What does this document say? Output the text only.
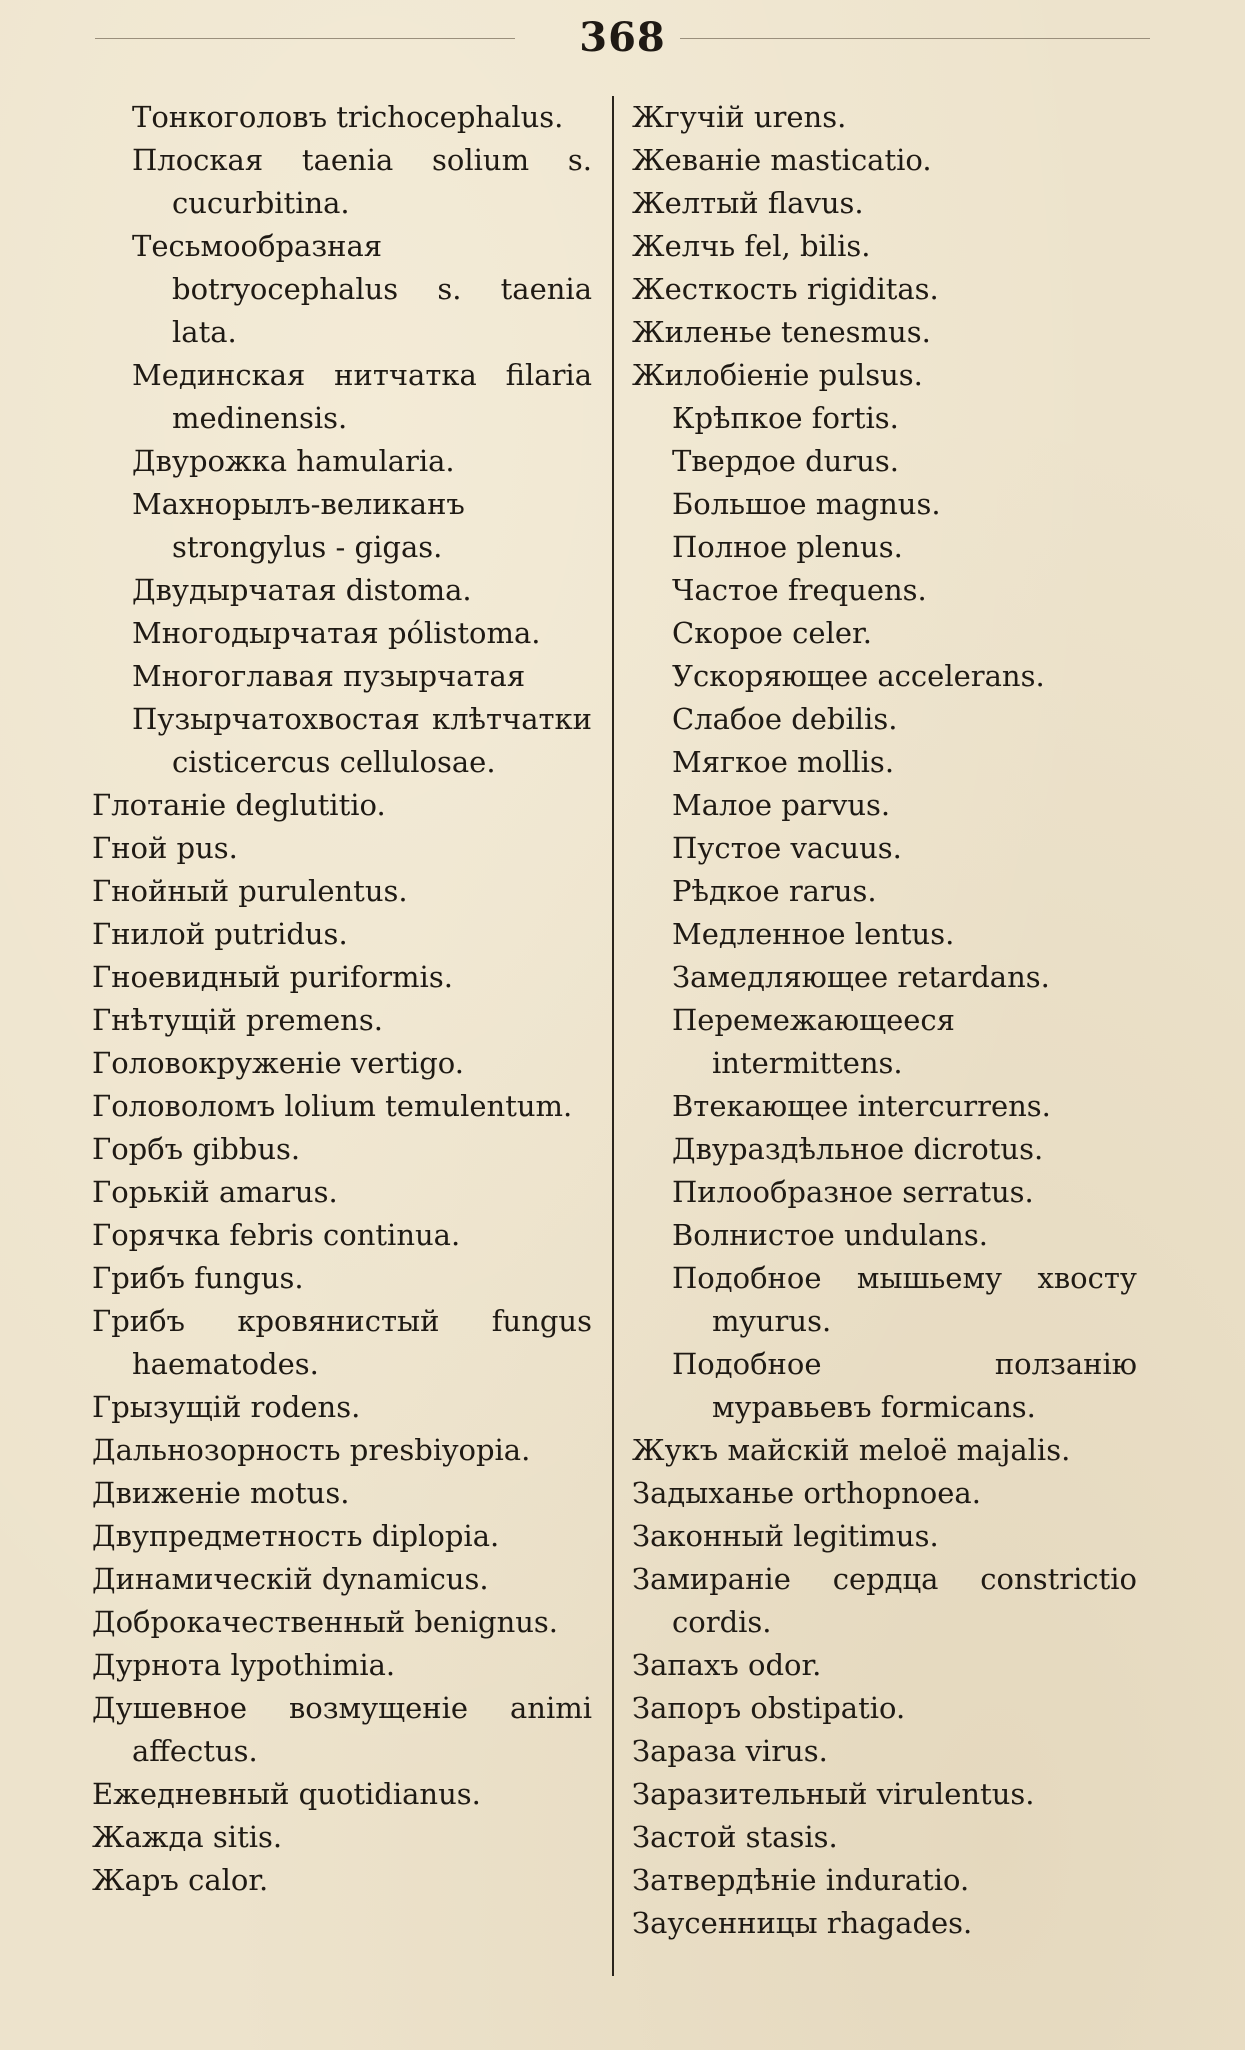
368

Тонкоголовъ trichocephalus.

Плоская taenia solium s. cucurbitina.

Тесьмообразная botryocephalus s. taenia lata.

Мединская нитчатка filaria medinensis.

Двурожка hamularia.

Махнорылъ-великанъ strongylus - gigas.

Двудырчатая distoma.

Многодырчатая pólistoma.

Многоглавая пузырчатая

Пузырчатохвостая клѣтчатки cisticercus cellulosae.

Глотанiе deglutitio.

Гной pus.

Гнойный purulentus.

Гнилой putridus.

Гноевидный puriformis.

Гнѣтущiй premens.

Головокруженiе vertigo.

Головоломъ lolium temulentum.

Горбъ gibbus.

Горькiй amarus.

Горячка febris continua.

Грибъ fungus.

Грибъ кровянистый fungus haematodes.

Грызущiй rodens.

Дальнозорность presbiyopia.

Движенiе motus.

Двупредметность diplopia.

Динамическiй dynamicus.

Доброкачественный benignus.

Дурнота lypothimia.

Душевное возмущенiе animi affectus.

Ежедневный quotidianus.

Жажда sitis.

Жаръ calor.

Жгучiй urens.

Жеванiе masticatio.

Желтый flavus.

Желчь fel, bilis.

Жесткость rigiditas.

Жиленье tenesmus.

Жилобiенiе pulsus.

Крѣпкое fortis.

Твердое durus.

Большое magnus.

Полное plenus.

Частое frequens.

Скорое celer.

Ускоряющее accelerans.

Слабое debilis.

Мягкое mollis.

Малое parvus.

Пустое vacuus.

Рѣдкое rarus.

Медленное lentus.

Замедляющее retardans.

Перемежающееся intermittens.

Втекающее intercurrens.

Двураздѣльное dicrotus.

Пилообразное serratus.

Волнистое undulans.

Подобное мышьему хвосту myurus.

Подобное ползанiю муравьевъ formicans.

Жукъ майскiй meloë majalis.

Задыханье orthopnoea.

Законный legitimus.

Замиранiе сердца constrictio cordis.

Запахъ odor.

Запоръ obstipatio.

Зараза virus.

Заразительный virulentus.

Застой stasis.

Затвердѣнiе induratio.

Заусенницы rhagades.
